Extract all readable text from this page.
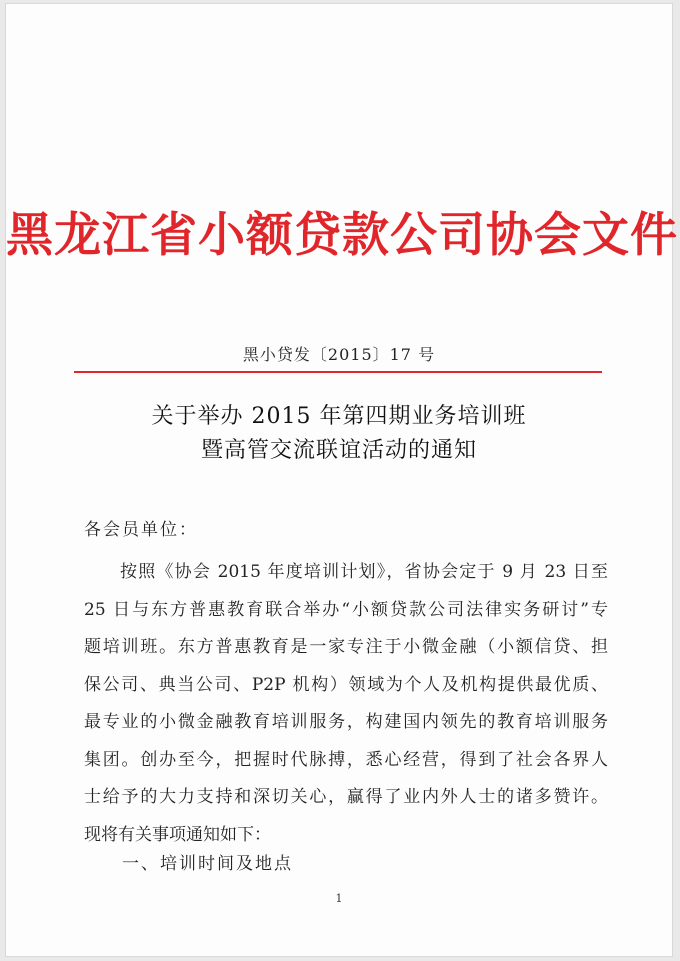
黑龙江省小额贷款公司协会文件
黑小贷发〔2015〕17 号
关于举办 2015 年第四期业务培训班
暨高管交流联谊活动的通知
各会员单位：
按照《协会 2015 年度培训计划》，省协会定于 9 月 23 日至
25 日与东方普惠教育联合举办“小额贷款公司法律实务研讨”专
题培训班。东方普惠教育是一家专注于小微金融（小额信贷、担
保公司、典当公司、P2P 机构）领域为个人及机构提供最优质、
最专业的小微金融教育培训服务，构建国内领先的教育培训服务
集团。创办至今，把握时代脉搏，悉心经营，得到了社会各界人
士给予的大力支持和深切关心，赢得了业内外人士的诸多赞许。
现将有关事项通知如下：
一、培训时间及地点
1
